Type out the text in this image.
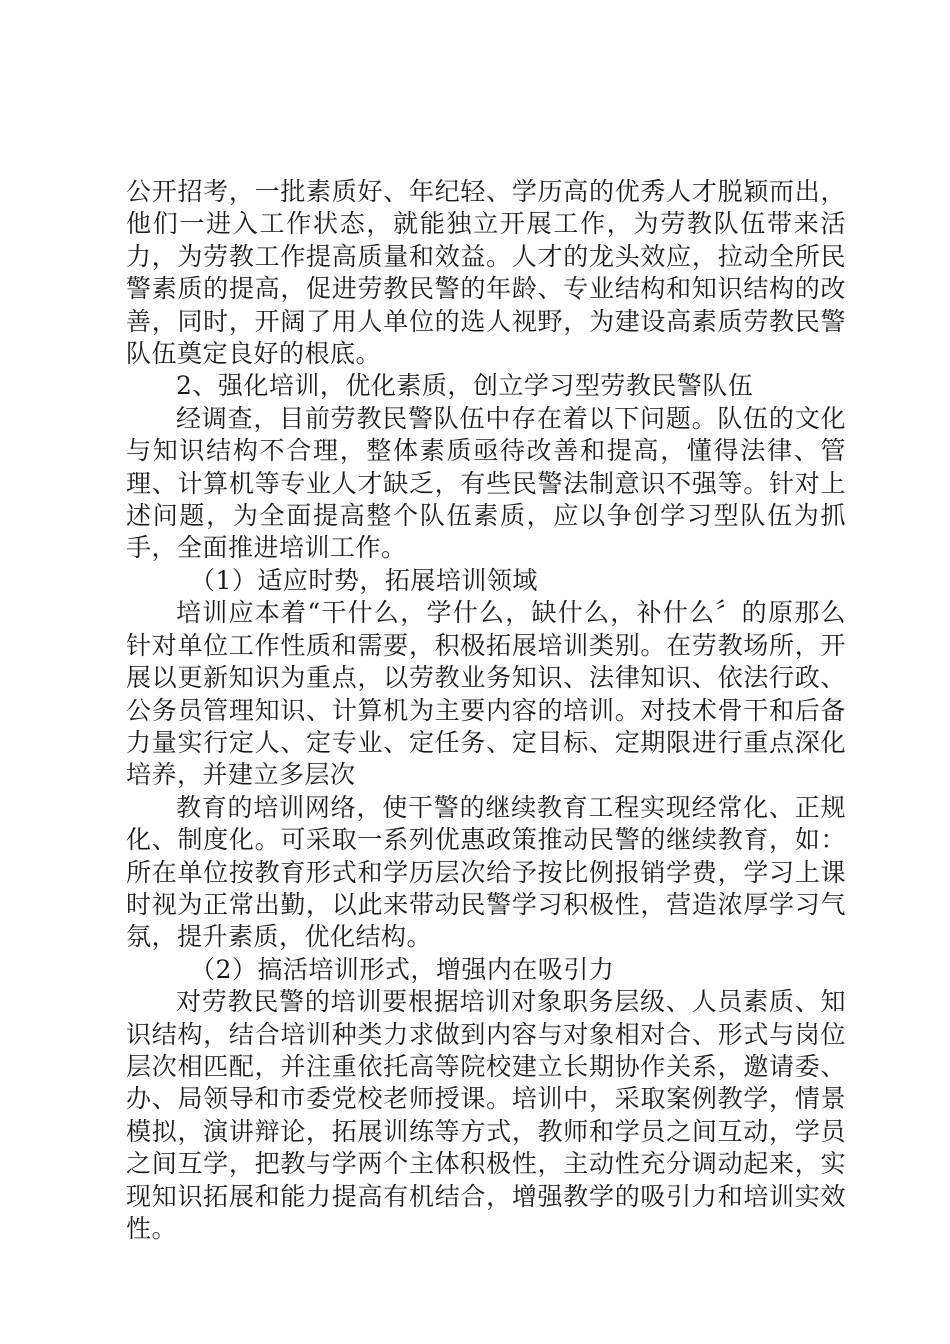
公开招考，一批素质好、年纪轻、学历高的优秀人才脱颖而出，他们一进入工作状态，就能独立开展工作，为劳教队伍带来活力，为劳教工作提高质量和效益。人才的龙头效应，拉动全所民警素质的提高，促进劳教民警的年龄、专业结构和知识结构的改善，同时，开阔了用人单位的选人视野，为建设高素质劳教民警队伍奠定良好的根底。

2、强化培训，优化素质，创立学习型劳教民警队伍

经调查，目前劳教民警队伍中存在着以下问题。队伍的文化与知识结构不合理，整体素质亟待改善和提高，懂得法律、管理、计算机等专业人才缺乏，有些民警法制意识不强等。针对上述问题，为全面提高整个队伍素质，应以争创学习型队伍为抓手，全面推进培训工作。

（1）适应时势，拓展培训领域

培训应本着“干什么，学什么，缺什么，补什么〞的原那么针对单位工作性质和需要，积极拓展培训类别。在劳教场所，开展以更新知识为重点，以劳教业务知识、法律知识、依法行政、公务员管理知识、计算机为主要内容的培训。对技术骨干和后备力量实行定人、定专业、定任务、定目标、定期限进行重点深化培养，并建立多层次

教育的培训网络，使干警的继续教育工程实现经常化、正规化、制度化。可采取一系列优惠政策推动民警的继续教育，如：所在单位按教育形式和学历层次给予按比例报销学费，学习上课时视为正常出勤，以此来带动民警学习积极性，营造浓厚学习气氛，提升素质，优化结构。

（2）搞活培训形式，增强内在吸引力

对劳教民警的培训要根据培训对象职务层级、人员素质、知识结构，结合培训种类力求做到内容与对象相对合、形式与岗位层次相匹配，并注重依托高等院校建立长期协作关系，邀请委、办、局领导和市委党校老师授课。培训中，采取案例教学，情景模拟，演讲辩论，拓展训练等方式，教师和学员之间互动，学员之间互学，把教与学两个主体积极性，主动性充分调动起来，实现知识拓展和能力提高有机结合，增强教学的吸引力和培训实效性。
